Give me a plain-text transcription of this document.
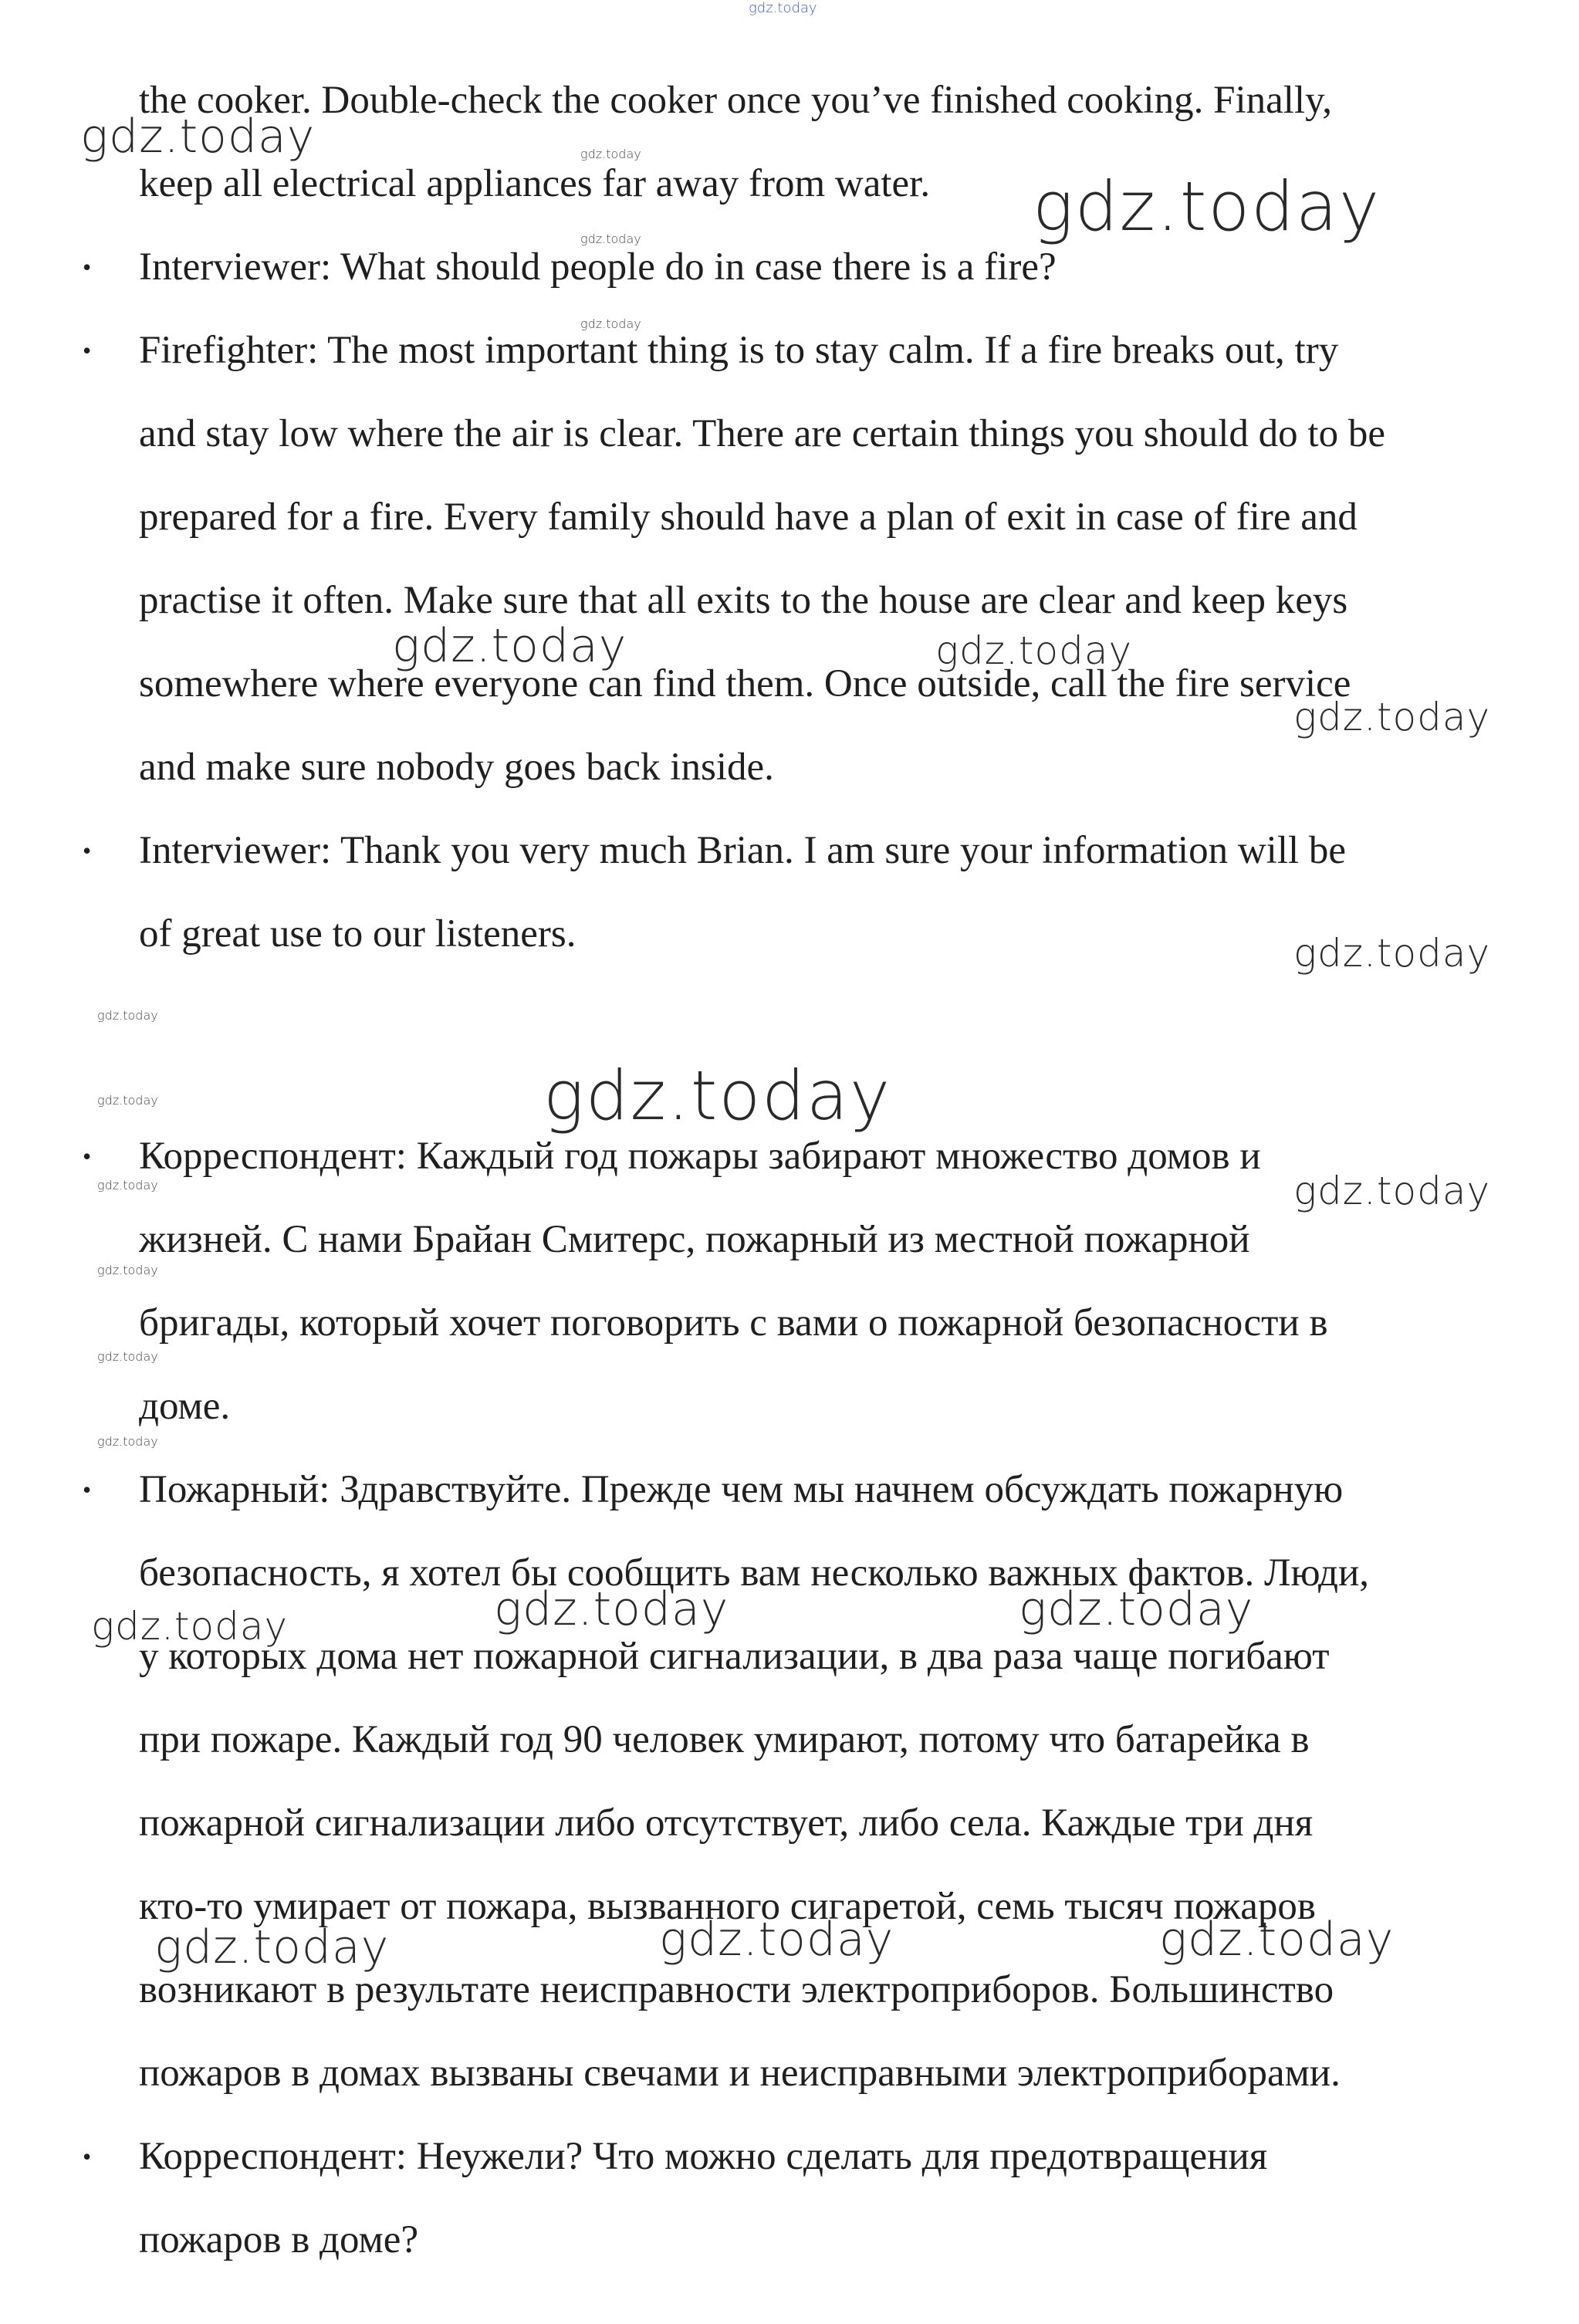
the cooker. Double-check the cooker once you’ve finished cooking. Finally,
keep all electrical appliances far away from water.
• Interviewer: What should people do in case there is a fire?
• Firefighter: The most important thing is to stay calm. If a fire breaks out, try
and stay low where the air is clear. There are certain things you should do to be
prepared for a fire. Every family should have a plan of exit in case of fire and
practise it often. Make sure that all exits to the house are clear and keep keys
somewhere where everyone can find them. Once outside, call the fire service
and make sure nobody goes back inside.
• Interviewer: Thank you very much Brian. I am sure your information will be
of great use to our listeners.
• Корреспондент: Каждый год пожары забирают множество домов и
жизней. С нами Брайан Смитерс, пожарный из местной пожарной
бригады, который хочет поговорить с вами о пожарной безопасности в
доме.
• Пожарный: Здравствуйте. Прежде чем мы начнем обсуждать пожарную
безопасность, я хотел бы сообщить вам несколько важных фактов. Люди,
у которых дома нет пожарной сигнализации, в два раза чаще погибают
при пожаре. Каждый год 90 человек умирают, потому что батарейка в
пожарной сигнализации либо отсутствует, либо села. Каждые три дня
кто-то умирает от пожара, вызванного сигаретой, семь тысяч пожаров
возникают в результате неисправности электроприборов. Большинство
пожаров в домах вызваны свечами и неисправными электроприборами.
• Корреспондент: Неужели? Что можно сделать для предотвращения
пожаров в доме?
gdz.today
gdz.today	gdz.today
gdz.today
gdz.today
gdz.today
gdz.today	gdz.today
gdz.today
gdz.today
gdz.today
gdz.today
gdz.today
gdz.today
gdz.today
gdz.today
gdz.today
gdz.today
gdz.today	gdz.today
gdz.today
gdz.today	gdz.today
gdz.today
